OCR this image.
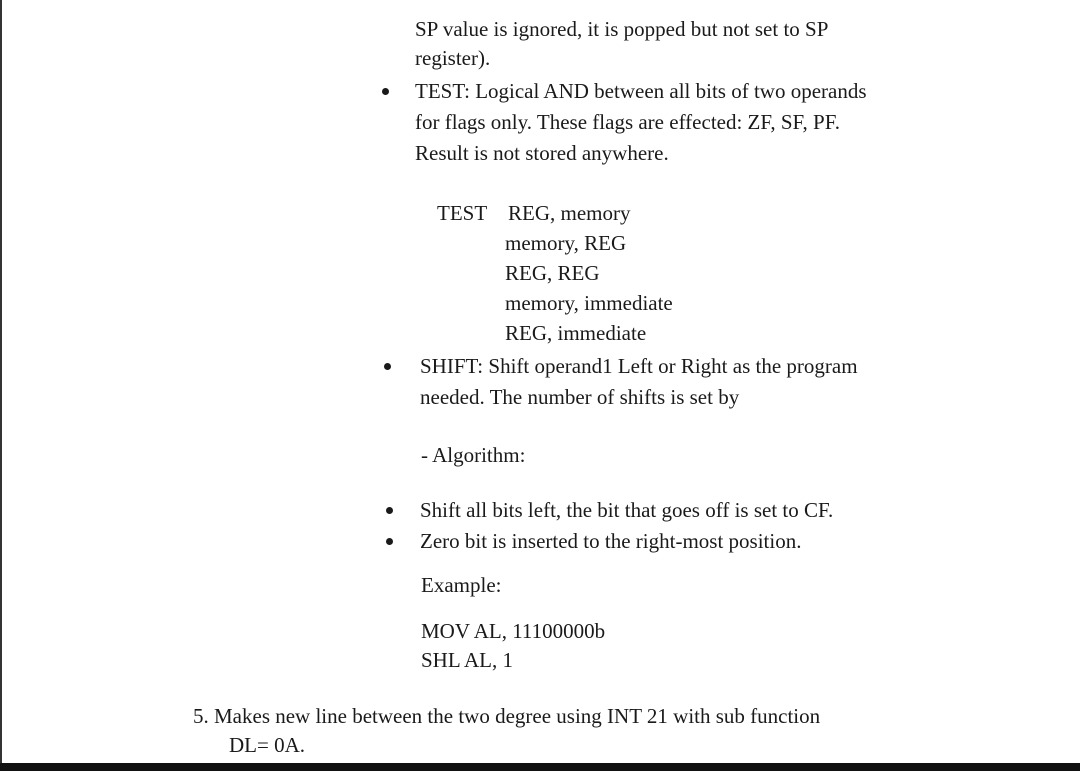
SP value is ignored, it is popped but not set to SP
register).
TEST: Logical AND between all bits of two operands
for flags only. These flags are effected: ZF, SF, PF.
Result is not stored anywhere.
TEST REG, memory
memory, REG
REG, REG
memory, immediate
REG, immediate
SHIFT: Shift operand1 Left or Right as the program
needed. The number of shifts is set by
- Algorithm:
Shift all bits left, the bit that goes off is set to CF.
Zero bit is inserted to the right-most position.
Example:
MOV AL, 11100000b
SHL AL, 1
5. Makes new line between the two degree using INT 21 with sub function
DL= 0A.
